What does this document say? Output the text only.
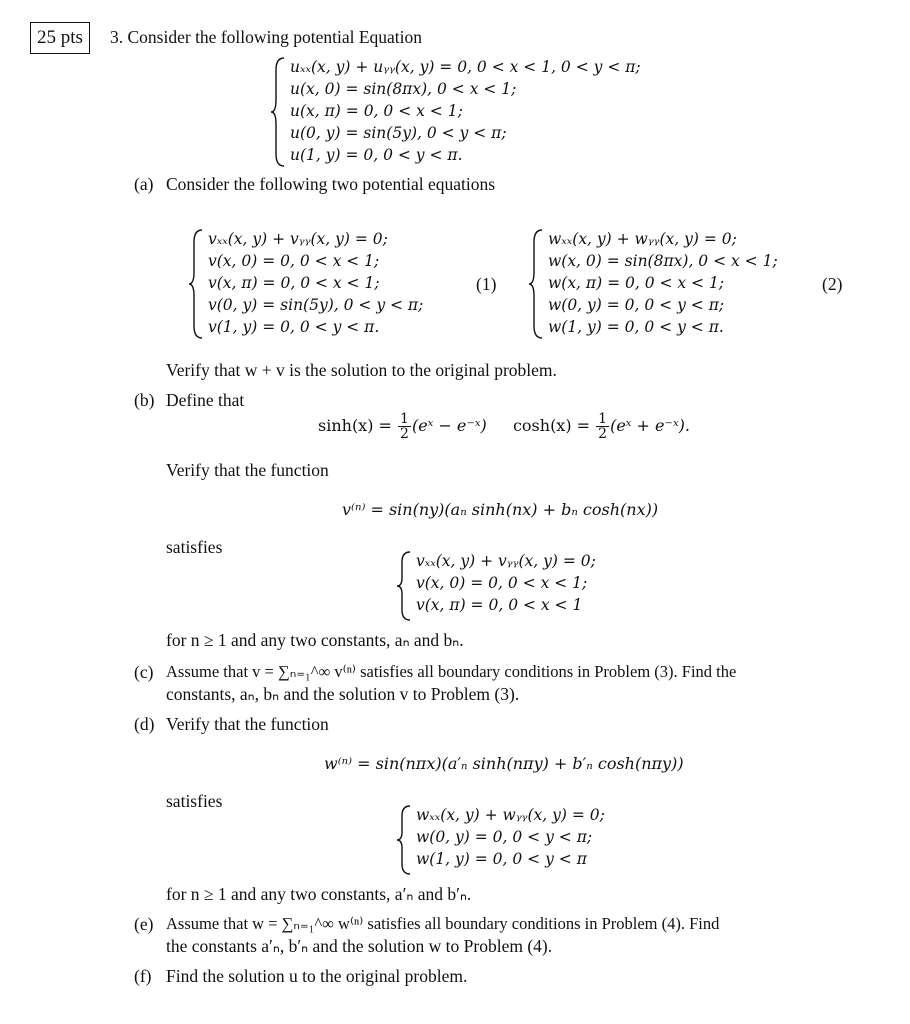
25 pts	3. Consider the following potential Equation
uₓₓ(x, y) + uᵧᵧ(x, y) = 0, 0 < x < 1, 0 < y < π;
u(x, 0) = sin(8πx), 0 < x < 1;
u(x, π) = 0, 0 < x < 1;
u(0, y) = sin(5y), 0 < y < π;
u(1, y) = 0, 0 < y < π.
(a) Consider the following two potential equations
vₓₓ(x, y) + vᵧᵧ(x, y) = 0;
v(x, 0) = 0, 0 < x < 1;
v(x, π) = 0, 0 < x < 1;
v(0, y) = sin(5y), 0 < y < π;
v(1, y) = 0, 0 < y < π.
(1)
wₓₓ(x, y) + wᵧᵧ(x, y) = 0;
w(x, 0) = sin(8πx), 0 < x < 1;
w(x, π) = 0, 0 < x < 1;
w(0, y) = 0, 0 < y < π;
w(1, y) = 0, 0 < y < π.
(2)
Verify that w + v is the solution to the original problem.
(b) Define that
$\sinh(x) = \frac{1}{2}$ (eˣ − e⁻ˣ) $\cosh(x) = \frac{1}{2}$ (eˣ + e⁻ˣ).
Verify that the function
v⁽ⁿ⁾ = sin(ny)(aₙ sinh(nx) + bₙ cosh(nx))
satisfies
vₓₓ(x, y) + vᵧᵧ(x, y) = 0;
v(x, 0) = 0, 0 < x < 1;
v(x, π) = 0, 0 < x < 1
for n ≥ 1 and any two constants, aₙ and bₙ.
(c) Assume that v = ∑ₙ₌₁^∞ v⁽ⁿ⁾ satisfies all boundary conditions in Problem (3). Find the
constants, aₙ, bₙ and the solution v to Problem (3).
(d) Verify that the function
w⁽ⁿ⁾ = sin(nπx)(a′ₙ sinh(nπy) + b′ₙ cosh(nπy))
satisfies
wₓₓ(x, y) + wᵧᵧ(x, y) = 0;
w(0, y) = 0, 0 < y < π;
w(1, y) = 0, 0 < y < π
for n ≥ 1 and any two constants, a′ₙ and b′ₙ.
(e) Assume that w = ∑ₙ₌₁^∞ w⁽ⁿ⁾ satisfies all boundary conditions in Problem (4). Find
the constants a′ₙ, b′ₙ and the solution w to Problem (4).
(f) Find the solution u to the original problem.
